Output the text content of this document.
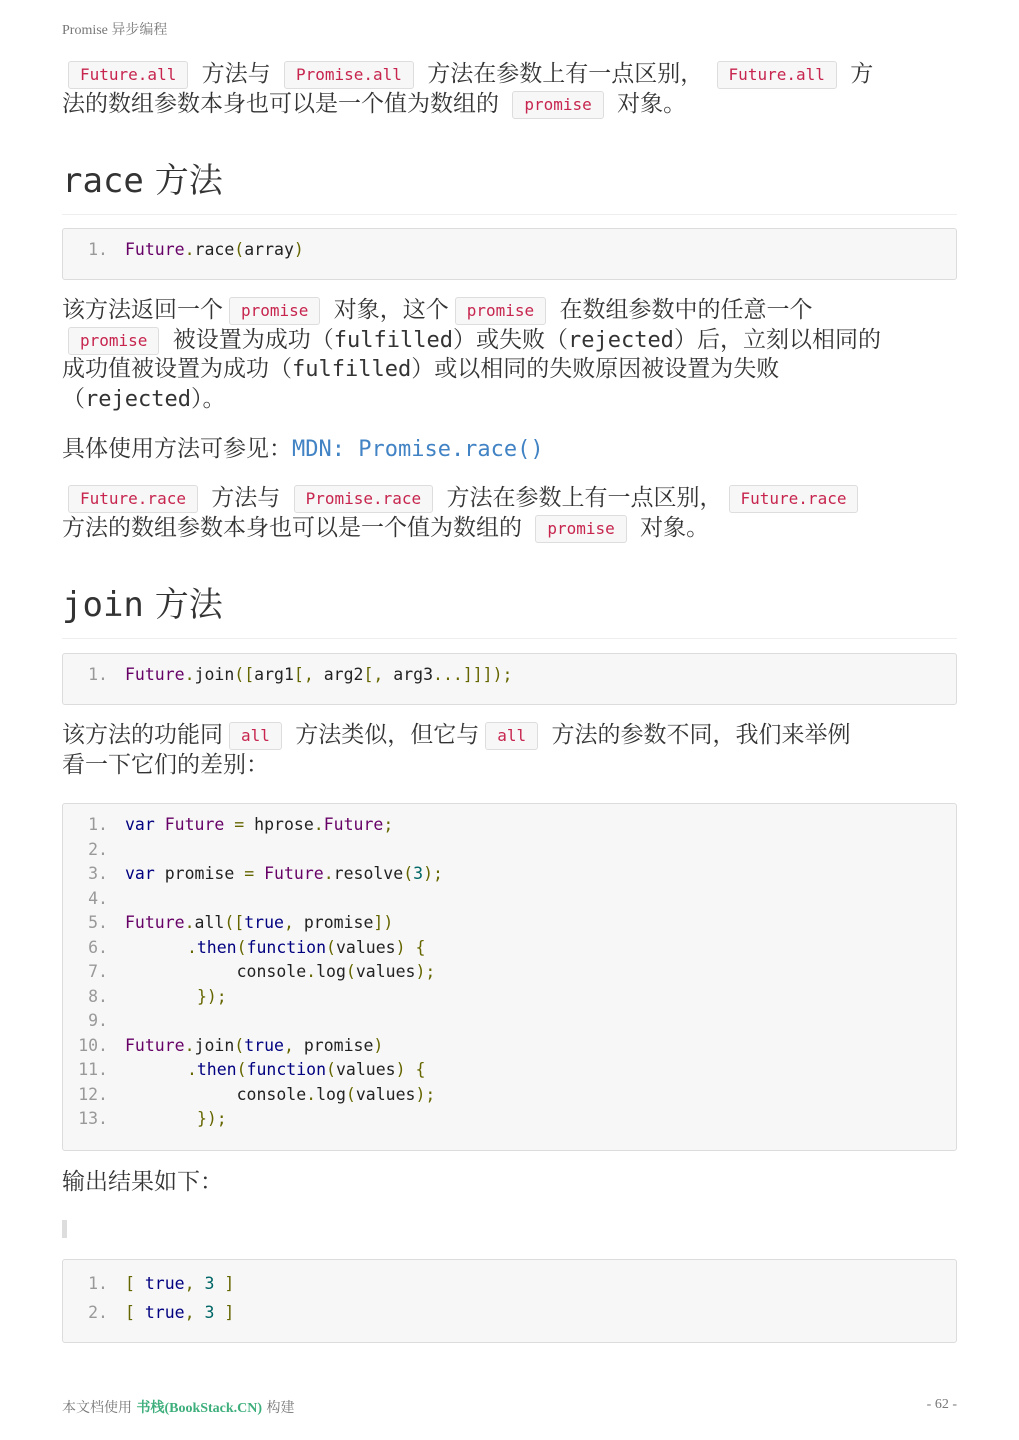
Promise 异步编程

Future.all 方法与 Promise.all 方法在参数上有一点区别， Future.all 方
法的数组参数本身也可以是一个值为数组的 promise 对象。

race 方法
1. Future.race(array)

该方法返回一个 promise 对象，这个 promise 在数组参数中的任意一个
promise 被设置为成功（fulfilled）或失败（rejected）后，立刻以相同的
成功值被设置为成功（fulfilled）或以相同的失败原因被设置为失败
（rejected）。

具体使用方法可参见：MDN: Promise.race()

Future.race 方法与 Promise.race 方法在参数上有一点区别， Future.race
方法的数组参数本身也可以是一个值为数组的 promise 对象。

join 方法
1. Future.join([arg1[, arg2[, arg3...]]]);

该方法的功能同 all 方法类似，但它与 all 方法的参数不同，我们来举例
看一下它们的差别：

1. var Future = hprose.Future;
2.
3. var promise = Future.resolve(3);
4.
5. Future.all([true, promise])
6.	.then(function(values) {
7.	console.log(values);
8.	});
9.
10. Future.join(true, promise)
11.	.then(function(values) {
12.	console.log(values);
13.	});

输出结果如下：

1. [ true, 3 ]
2. [ true, 3 ]
本文档使用 书栈(BookStack.CN) 构建	- 62 -
